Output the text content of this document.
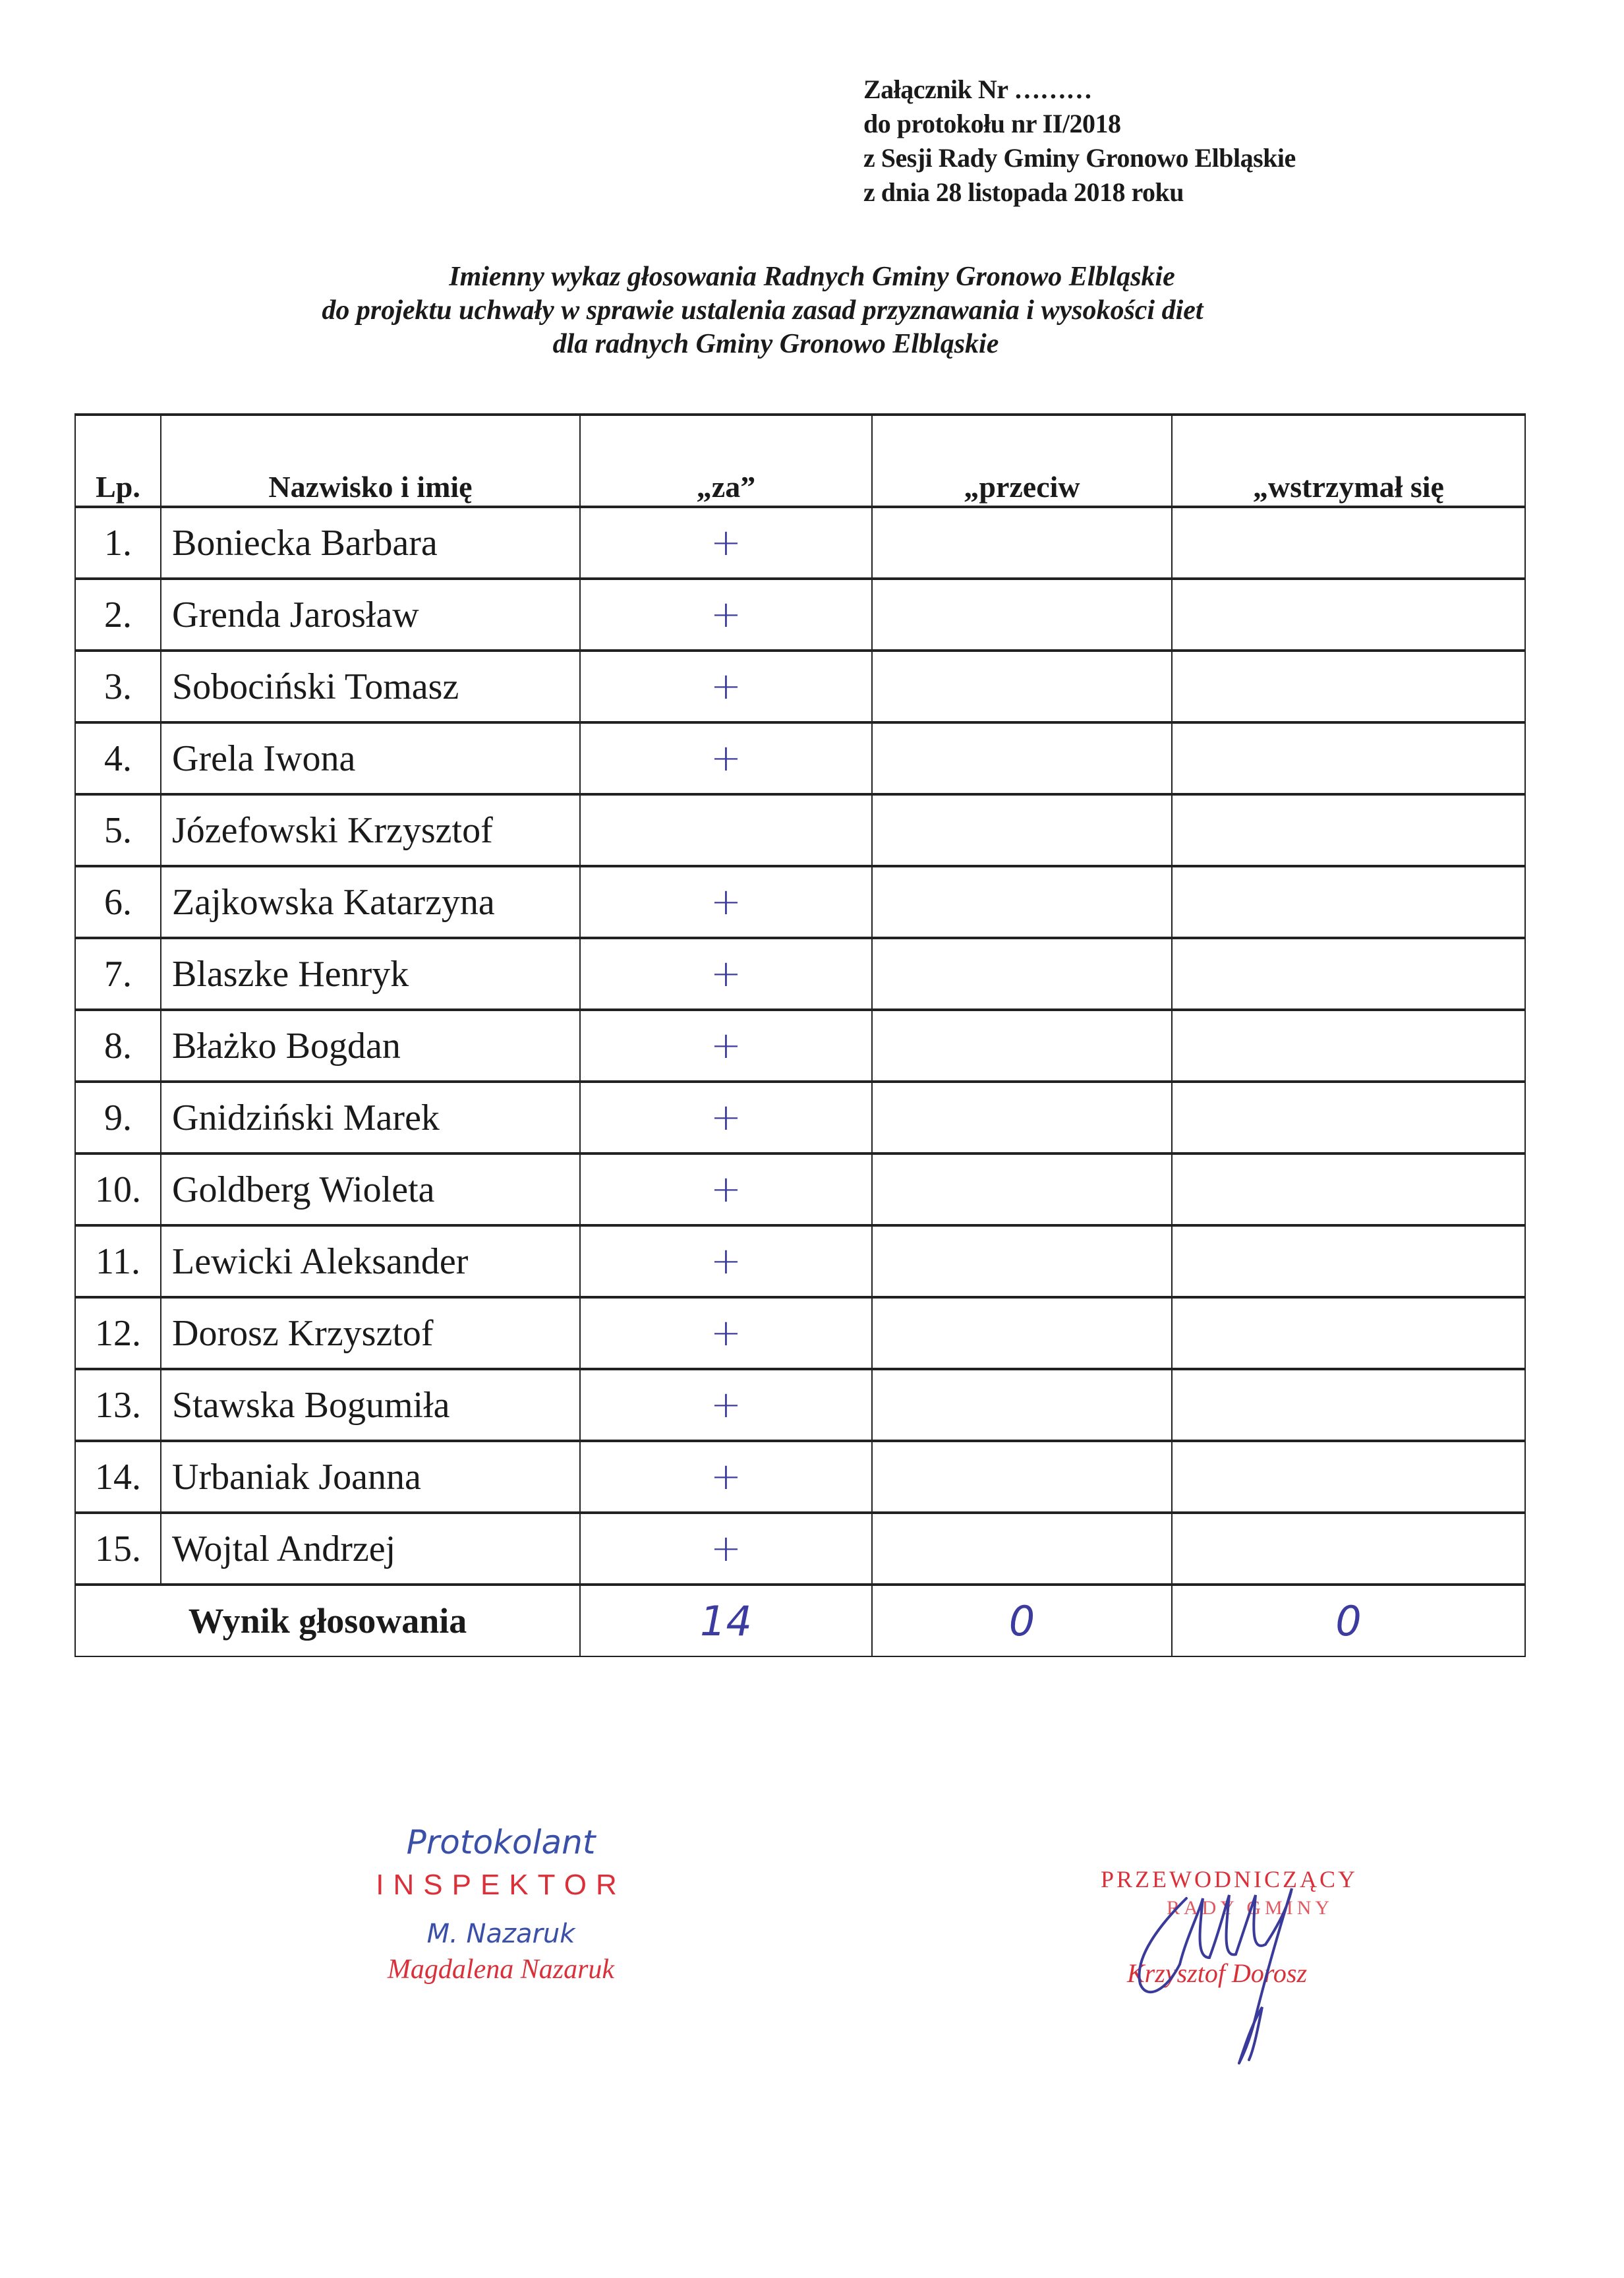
Załącznik Nr ………
do protokołu nr II/2018
z Sesji Rady Gminy Gronowo Elbląskie
z dnia 28 listopada 2018 roku
Imienny wykaz głosowania Radnych Gminy Gronowo Elbląskie
do projektu uchwały w sprawie ustalenia zasad przyznawania i wysokości diet
dla radnych Gminy Gronowo Elbląskie
Lp.	Nazwisko i imię	„za”	„przeciw	„wstrzymał się
1.	Boniecka Barbara	+		
2.	Grenda Jarosław	+		
3.	Sobociński Tomasz	+		
4.	Grela Iwona	+		
5.	Józefowski Krzysztof			
6.	Zajkowska Katarzyna	+		
7.	Blaszke Henryk	+		
8.	Błażko Bogdan	+		
9.	Gnidziński Marek	+		
10.	Goldberg Wioleta	+		
11.	Lewicki Aleksander	+		
12.	Dorosz Krzysztof	+		
13.	Stawska Bogumiła	+		
14.	Urbaniak Joanna	+		
15.	Wojtal Andrzej	+		
Wynik głosowania		14	0	0
Protokolant
INSPEKTOR
M. Nazaruk
Magdalena Nazaruk
PRZEWODNICZĄCY
RADY GMINY
Krzysztof Dorosz
